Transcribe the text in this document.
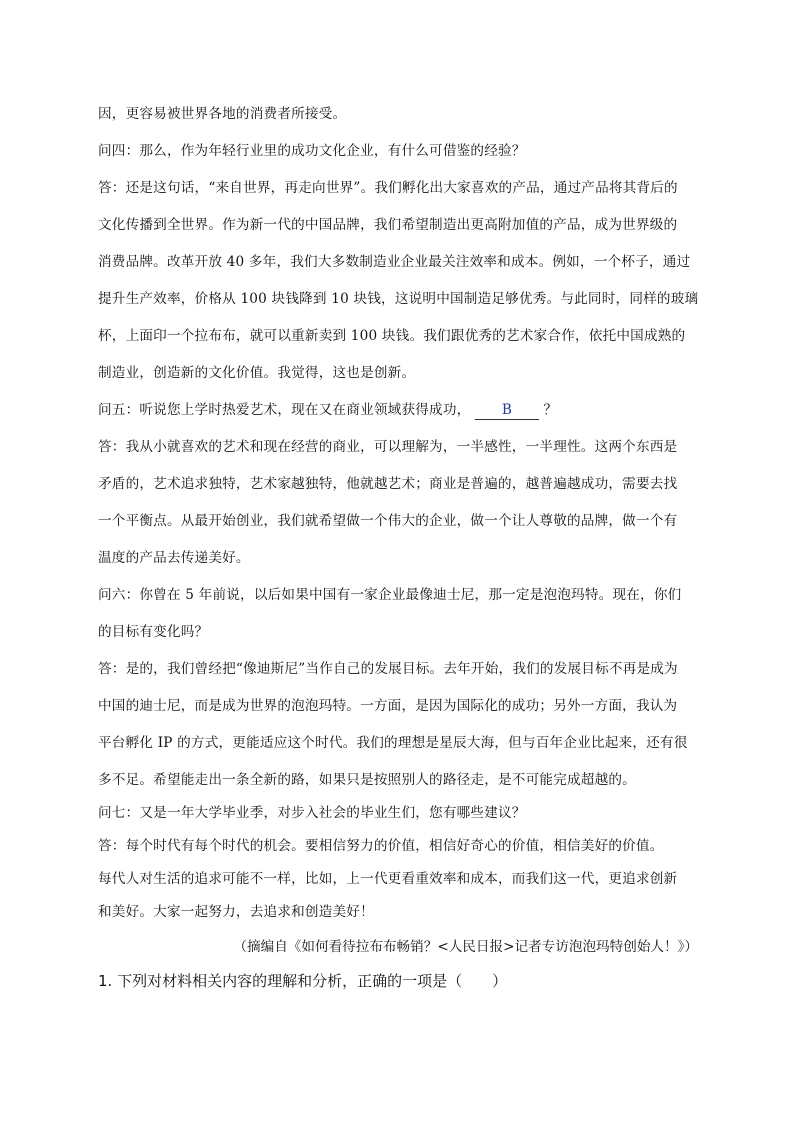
因，更容易被世界各地的消费者所接受。
问四：那么，作为年轻行业里的成功文化企业，有什么可借鉴的经验？
答：还是这句话，“来自世界，再走向世界”。我们孵化出大家喜欢的产品，通过产品将其背后的
文化传播到全世界。作为新一代的中国品牌，我们希望制造出更高附加值的产品，成为世界级的
消费品牌。改革开放 40 多年，我们大多数制造业企业最关注效率和成本。例如，一个杯子，通过
提升生产效率，价格从 100 块钱降到 10 块钱，这说明中国制造足够优秀。与此同时，同样的玻璃
杯，上面印一个拉布布，就可以重新卖到 100 块钱。我们跟优秀的艺术家合作，依托中国成熟的
制造业，创造新的文化价值。我觉得，这也是创新。
问五：听说您上学时热爱艺术，现在又在商业领域获得成功， B ？
答：我从小就喜欢的艺术和现在经营的商业，可以理解为，一半感性，一半理性。这两个东西是
矛盾的，艺术追求独特，艺术家越独特，他就越艺术；商业是普遍的，越普遍越成功，需要去找
一个平衡点。从最开始创业，我们就希望做一个伟大的企业，做一个让人尊敬的品牌，做一个有
温度的产品去传递美好。
问六：你曾在 5 年前说，以后如果中国有一家企业最像迪士尼，那一定是泡泡玛特。现在，你们
的目标有变化吗？
答：是的，我们曾经把“像迪斯尼”当作自己的发展目标。去年开始，我们的发展目标不再是成为
中国的迪士尼，而是成为世界的泡泡玛特。一方面，是因为国际化的成功；另外一方面，我认为
平台孵化 IP 的方式，更能适应这个时代。我们的理想是星辰大海，但与百年企业比起来，还有很
多不足。希望能走出一条全新的路，如果只是按照别人的路径走，是不可能完成超越的。
问七：又是一年大学毕业季，对步入社会的毕业生们，您有哪些建议？
答：每个时代有每个时代的机会。要相信努力的价值，相信好奇心的价值，相信美好的价值。
每代人对生活的追求可能不一样，比如，上一代更看重效率和成本，而我们这一代，更追求创新
和美好。大家一起努力，去追求和创造美好！
（摘编自《如何看待拉布布畅销？<人民日报>记者专访泡泡玛特创始人！》）
1. 下列对材料相关内容的理解和分析，正确的一项是（　　）
